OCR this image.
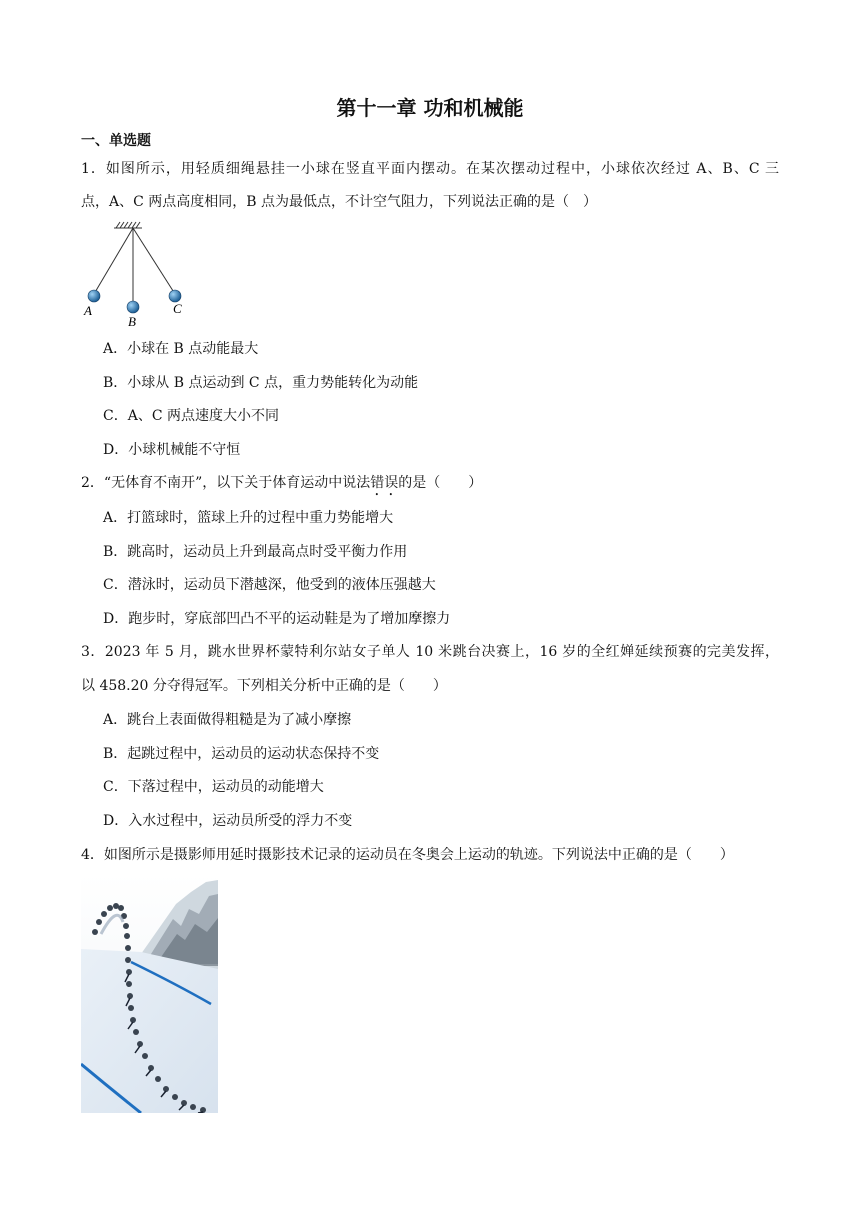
第十一章 功和机械能
一、单选题
1．如图所示，用轻质细绳悬挂一小球在竖直平面内摆动。在某次摆动过程中，小球依次经过 A、B、C 三
点，A、C 两点高度相同，B 点为最低点，不计空气阻力，下列说法正确的是（　）
A
B
C
A．小球在 B 点动能最大
B．小球从 B 点运动到 C 点，重力势能转化为动能
C．A、C 两点速度大小不同
D．小球机械能不守恒
2．“无体育不南开”，以下关于体育运动中说法错误的是（　　）
A．打篮球时，篮球上升的过程中重力势能增大
B．跳高时，运动员上升到最高点时受平衡力作用
C．潜泳时，运动员下潜越深，他受到的液体压强越大
D．跑步时，穿底部凹凸不平的运动鞋是为了增加摩擦力
3．2023 年 5 月，跳水世界杯蒙特利尔站女子单人 10 米跳台决赛上，16 岁的全红婵延续预赛的完美发挥，
以 458.20 分夺得冠军。下列相关分析中正确的是（　　）
A．跳台上表面做得粗糙是为了减小摩擦
B．起跳过程中，运动员的运动状态保持不变
C．下落过程中，运动员的动能增大
D．入水过程中，运动员所受的浮力不变
4．如图所示是摄影师用延时摄影技术记录的运动员在冬奥会上运动的轨迹。下列说法中正确的是（　　）
